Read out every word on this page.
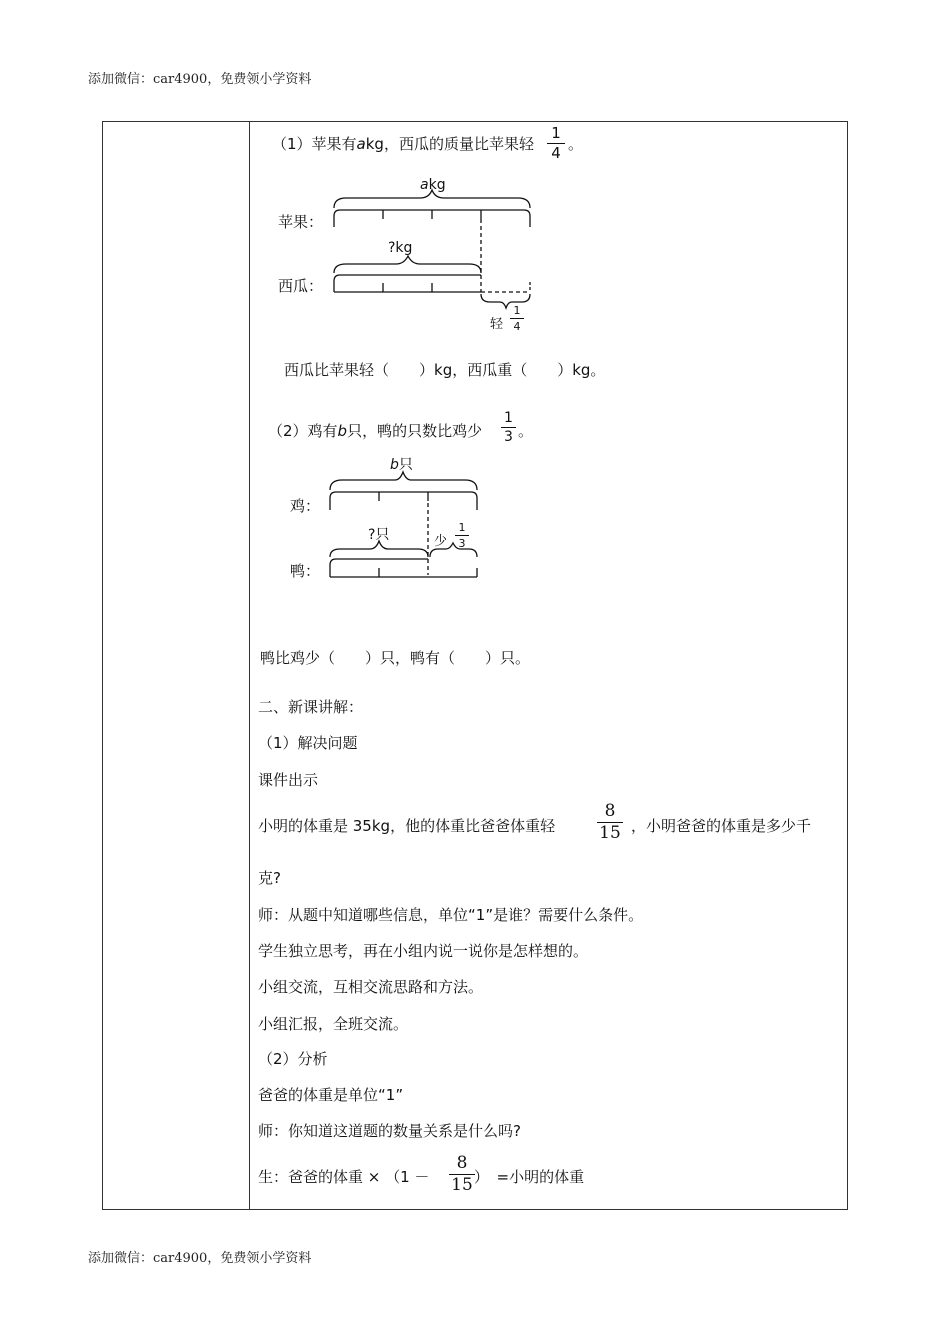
添加微信：car4900，免费领小学资料
（1）苹果有akg，西瓜的质量比苹果轻
1
4 。
akg
苹果：
?kg
西瓜：
轻
1
4
西瓜比苹果轻（　　）kg，西瓜重（　　）kg。
（2）鸡有b只，鸭的只数比鸡少
1
3 。
b只
鸡：
?只	少
1
3
鸭：
鸭比鸡少（　　）只，鸭有（　　）只。
二、新课讲解：
（1）解决问题
课件出示
小明的体重是 35kg，他的体重比爸爸体重轻
8
15 ，小明爸爸的体重是多少千
克?
师：从题中知道哪些信息，单位“1”是谁？需要什么条件。
学生独立思考，再在小组内说一说你是怎样想的。
小组交流，互相交流思路和方法。
小组汇报，全班交流。
（2）分析
爸爸的体重是单位“1”
师：你知道这道题的数量关系是什么吗?
生：爸爸的体重 × （1 －
8
15 ）　=小明的体重
添加微信：car4900，免费领小学资料
